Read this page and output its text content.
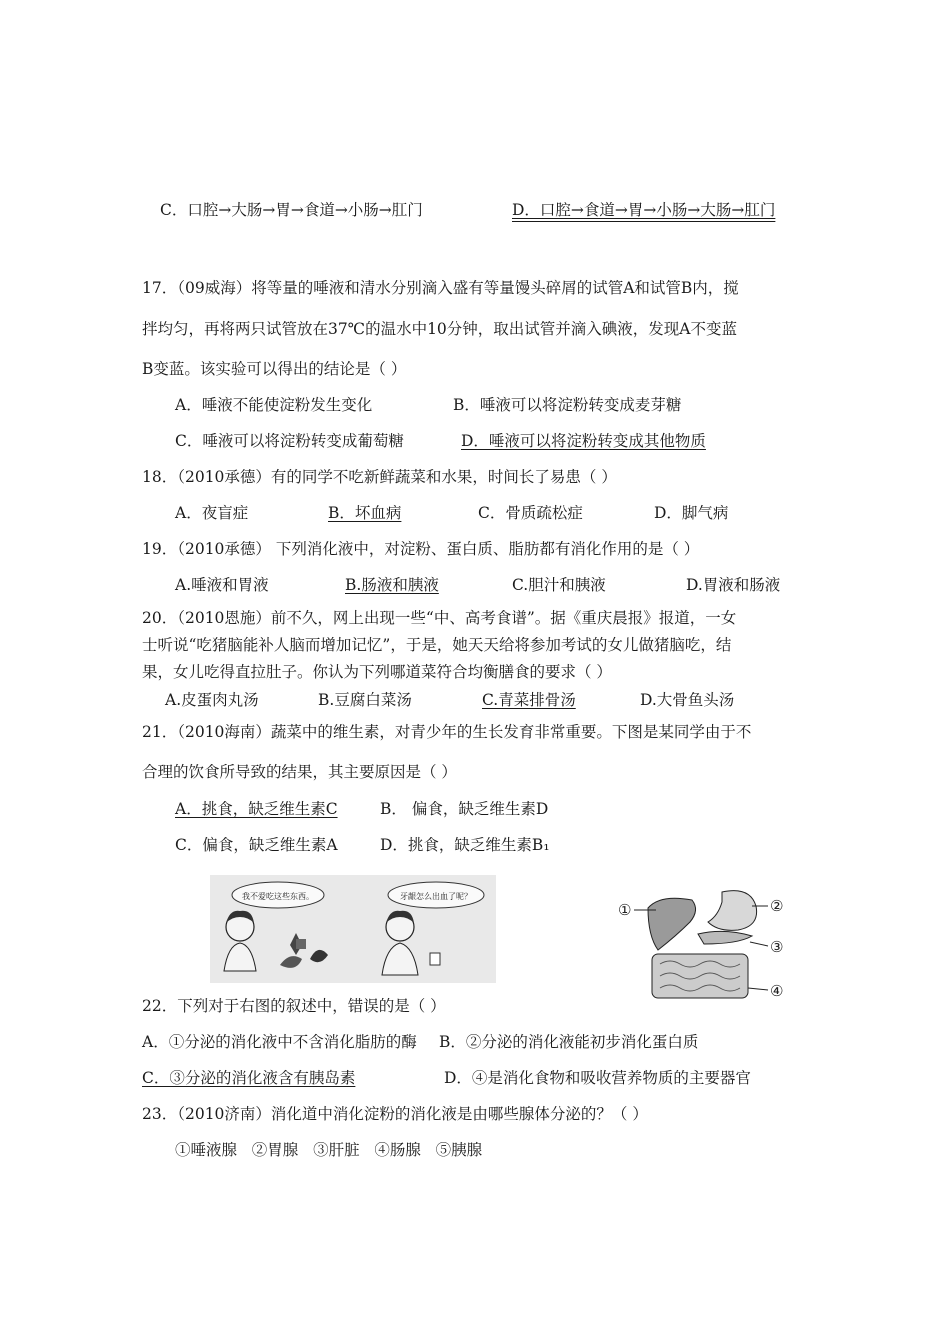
C．口腔→大肠→胃→食道→小肠→肛门	D．口腔→食道→胃→小肠→大肠→肛门
17．（09威海）将等量的唾液和清水分别滴入盛有等量馒头碎屑的试管A和试管B内，搅
拌均匀，再将两只试管放在37℃的温水中10分钟，取出试管并滴入碘液，发现A不变蓝
B变蓝。该实验可以得出的结论是（ ）
A．唾液不能使淀粉发生变化	B．唾液可以将淀粉转变成麦芽糖
C．唾液可以将淀粉转变成葡萄糖	D．唾液可以将淀粉转变成其他物质
18．（2010承德）有的同学不吃新鲜蔬菜和水果，时间长了易患（ ）
A．夜盲症	B．坏血病	C．骨质疏松症	D．脚气病
19．（2010承德） 下列消化液中，对淀粉、蛋白质、脂肪都有消化作用的是（ ）
A.唾液和胃液	B.肠液和胰液	C.胆汁和胰液	D.胃液和肠液
20．（2010恩施）前不久，网上出现一些“中、高考食谱”。据《重庆晨报》报道，一女
士听说“吃猪脑能补人脑而增加记忆”，于是，她天天给将参加考试的女儿做猪脑吃，结
果，女儿吃得直拉肚子。你认为下列哪道菜符合均衡膳食的要求（ ）
A.皮蛋肉丸汤	B.豆腐白菜汤	C.青菜排骨汤	D.大骨鱼头汤
21．（2010海南）蔬菜中的维生素，对青少年的生长发育非常重要。下图是某同学由于不
合理的饮食所导致的结果，其主要原因是（ ）
A．挑食，缺乏维生素C	B． 偏食，缺乏维生素D
C．偏食，缺乏维生素A	D．挑食，缺乏维生素B₁
我不爱吃这些东西。	牙龈怎么出血了呢？
①	②
③
④
22．下列对于右图的叙述中，错误的是（ ）
A．①分泌的消化液中不含消化脂肪的酶 B．②分泌的消化液能初步消化蛋白质
C．③分泌的消化液含有胰岛素	D．④是消化食物和吸收营养物质的主要器官
23．（2010济南）消化道中消化淀粉的消化液是由哪些腺体分泌的？（ ）
①唾液腺   ②胃腺   ③肝脏   ④肠腺   ⑤胰腺
